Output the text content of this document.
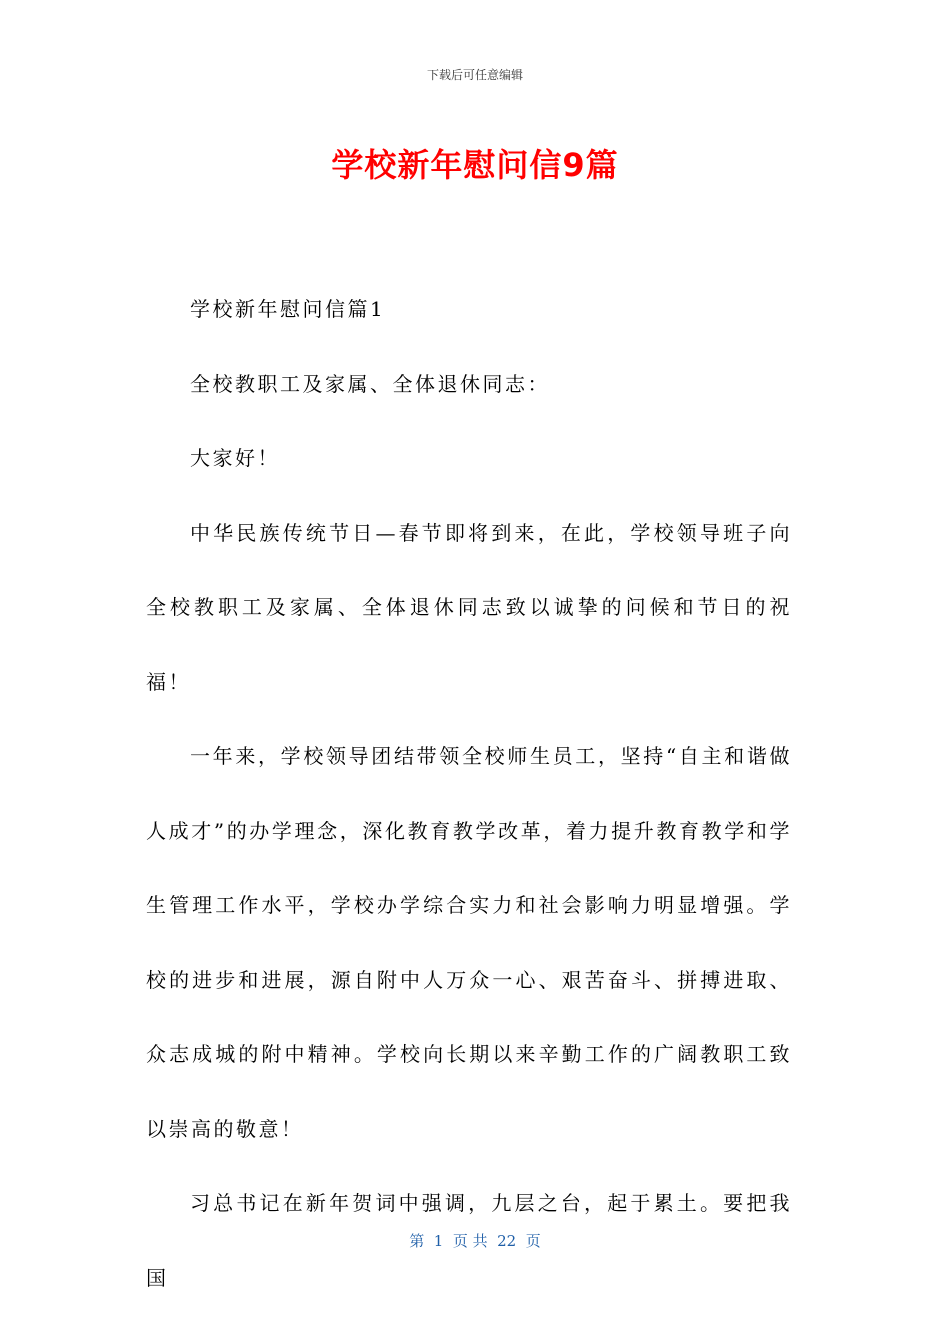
下载后可任意编辑
学校新年慰问信9篇

学校新年慰问信篇1

全校教职工及家属、全体退休同志：

大家好！

中华民族传统节日—春节即将到来，在此，学校领导班子向全校教职工及家属、全体退休同志致以诚挚的问候和节日的祝福！

一年来，学校领导团结带领全校师生员工，坚持“自主和谐做人成才”的办学理念，深化教育教学改革，着力提升教育教学和学生管理工作水平，学校办学综合实力和社会影响力明显增强。学校的进步和进展，源自附中人万众一心、艰苦奋斗、拼搏进取、众志成城的附中精神。学校向长期以来辛勤工作的广阔教职工致以崇高的敬意！

习总书记在新年贺词中强调，九层之台，起于累土。要把我国

第  1  页 共  22  页
